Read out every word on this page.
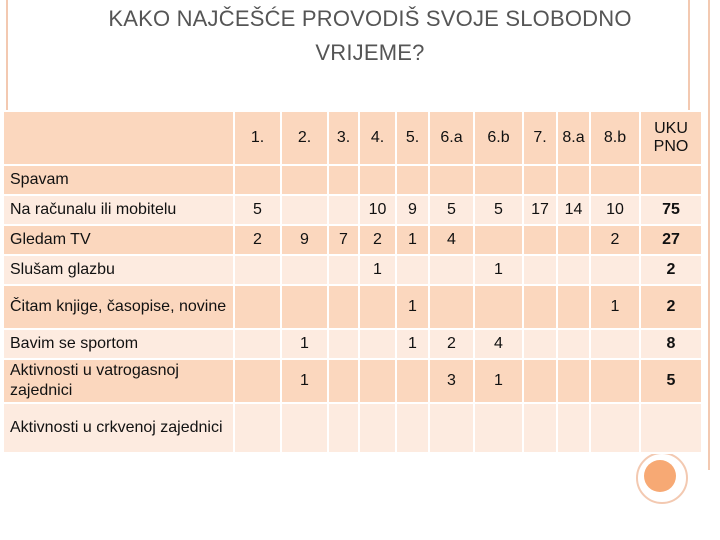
KAKO NAJČEŠĆE PROVODIŠ SVOJE SLOBODNO
VRIJEME?
	1.	2.	3.	4.	5.	6.a	6.b	7.	8.a	8.b	UKU PNO
Spavam											
Na računalu ili mobitelu	5			10	9	5	5	17	14	10	75
Gledam TV	2	9	7	2	1	4				2	27
Slušam glazbu				1			1				2
Čitam knjige, časopise, novine					1					1	2
Bavim se sportom		1			1	2	4				8
Aktivnosti u vatrogasnoj zajednici		1				3	1				5
Aktivnosti u crkvenoj zajednici											
